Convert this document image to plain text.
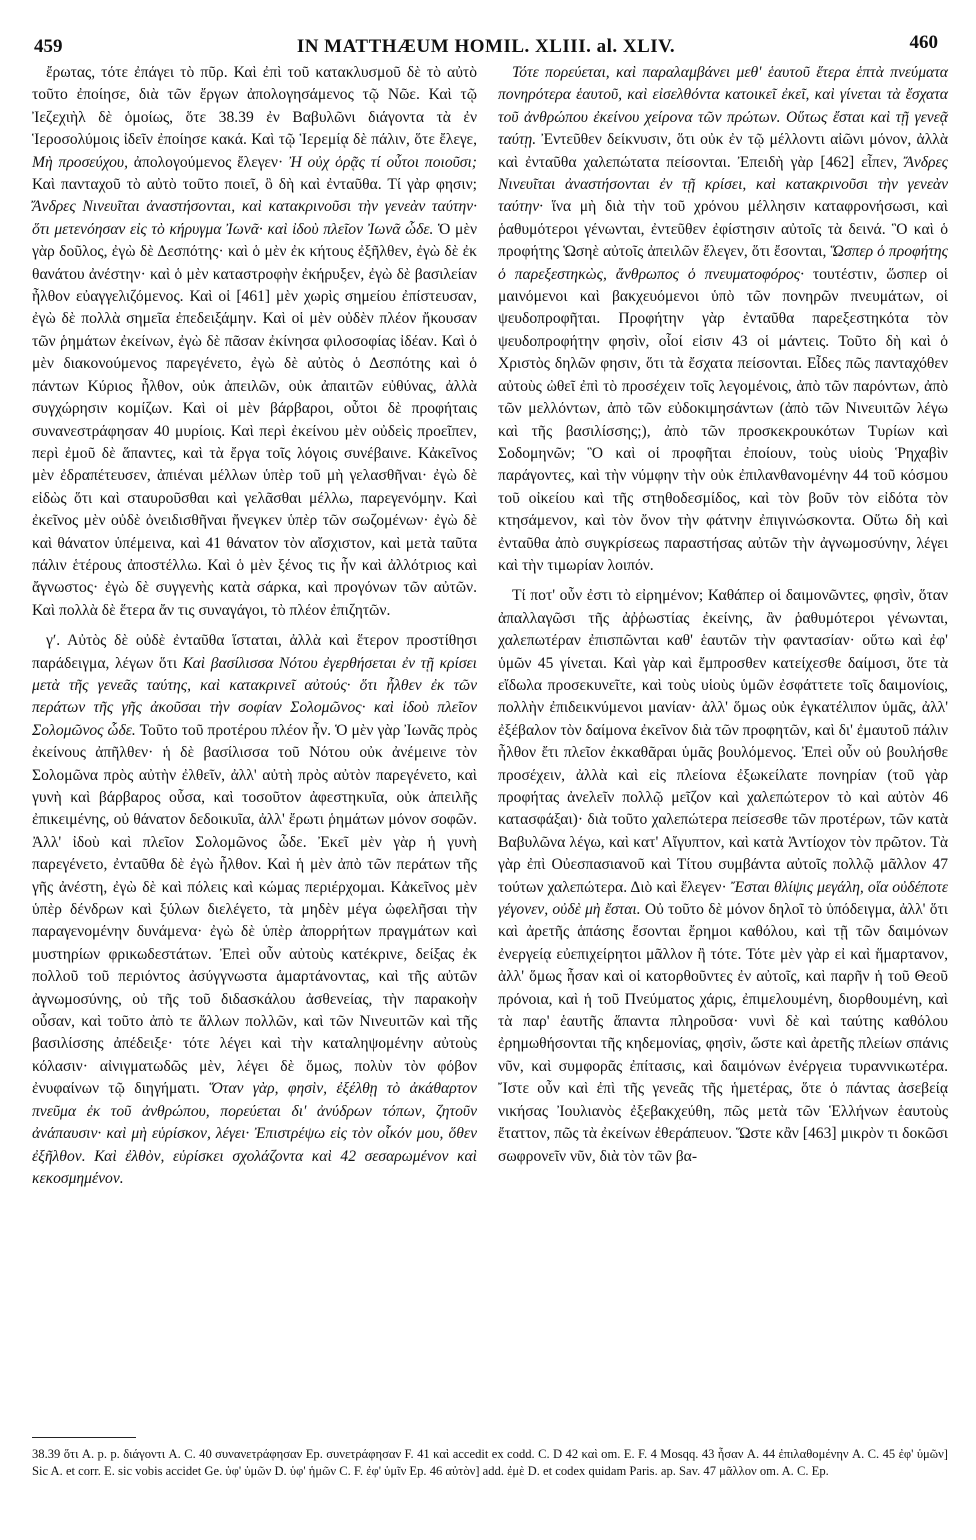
459	IN MATTHÆUM HOMIL. XLIII. al. XLIV.	460

ἔρωτας, τότε ἐπάγει τὸ πῦρ. Καὶ ἐπὶ τοῦ κατακλυσμοῦ δὲ τὸ αὐτὸ τοῦτο ἐποίησε, διὰ τῶν ἔργων ἀπολογησάμενος τῷ Νῶε. Καὶ τῷ Ἰεζεχιὴλ δὲ ὁμοίως, ὅτε 38.39 ἐν Βαβυλῶνι διάγοντα τὰ ἐν Ἱεροσολύμοις ἰδεῖν ἐποίησε κακά. Καὶ τῷ Ἱερεμίᾳ δὲ πάλιν, ὅτε ἔλεγε, Μὴ προσεύχου, ἀπολογούμενος ἔλεγεν· Ἠ οὐχ ὁρᾷς τί οὗτοι ποιοῦσι; Καὶ πανταχοῦ τὸ αὐτὸ τοῦτο ποιεῖ, ὃ δὴ καὶ ἐνταῦθα. Τί γὰρ φησιν; Ἄνδρες Νινευῖται ἀναστήσονται, καὶ κατακρινοῦσι τὴν γενεὰν ταύτην· ὅτι μετενόησαν εἰς τὸ κήρυγμα Ἰωνᾶ· καὶ ἰδοὺ πλεῖον Ἰωνᾶ ὧδε. Ὁ μὲν γὰρ δοῦλος, ἐγὼ δὲ Δεσπότης· καὶ ὁ μὲν ἐκ κήτους ἐξῆλθεν, ἐγὼ δὲ ἐκ θανάτου ἀνέστην· καὶ ὁ μὲν καταστροφὴν ἐκήρυξεν, ἐγὼ δὲ βασιλείαν ἦλθον εὐαγγελιζόμενος. Καὶ οἱ [461] μὲν χωρὶς σημείου ἐπίστευσαν, ἐγὼ δὲ πολλὰ σημεῖα ἐπεδειξάμην. Καὶ οἱ μὲν οὐδὲν πλέον ἤκουσαν τῶν ῥημάτων ἐκείνων, ἐγὼ δὲ πᾶσαν ἐκίνησα φιλοσοφίας ἰδέαν. Καὶ ὁ μὲν διακονούμενος παρεγένετο, ἐγὼ δὲ αὐτὸς ὁ Δεσπότης καὶ ὁ πάντων Κύριος ἦλθον, οὐκ ἀπειλῶν, οὐκ ἀπαιτῶν εὐθύνας, ἀλλὰ συγχώρησιν κομίζων. Καὶ οἱ μὲν βάρβαροι, οὗτοι δὲ προφήταις συνανεστράφησαν 40 μυρίοις. Καὶ περὶ ἐκείνου μὲν οὐδεὶς προεῖπεν, περὶ ἐμοῦ δὲ ἅπαντες, καὶ τὰ ἔργα τοῖς λόγοις συνέβαινε. Κἀκεῖνος μὲν ἐδραπέτευσεν, ἀπιέναι μέλλων ὑπὲρ τοῦ μὴ γελασθῆναι· ἐγὼ δὲ εἰδὼς ὅτι καὶ σταυροῦσθαι καὶ γελᾶσθαι μέλλω, παρεγενόμην. Καὶ ἐκεῖνος μὲν οὐδὲ ὀνειδισθῆναι ἤνεγκεν ὑπὲρ τῶν σωζομένων· ἐγὼ δὲ καὶ θάνατον ὑπέμεινα, καὶ 41 θάνατον τὸν αἴσχιστον, καὶ μετὰ ταῦτα πάλιν ἑτέρους ἀποστέλλω. Καὶ ὁ μὲν ξένος τις ἦν καὶ ἀλλότριος καὶ ἄγνωστος· ἐγὼ δὲ συγγενὴς κατὰ σάρκα, καὶ προγόνων τῶν αὐτῶν. Καὶ πολλὰ δὲ ἕτερα ἄν τις συναγάγοι, τὸ πλέον ἐπιζητῶν.

γʹ. Αὐτὸς δὲ οὐδὲ ἐνταῦθα ἵσταται, ἀλλὰ καὶ ἕτερον προστίθησι παράδειγμα, λέγων ὅτι Καὶ βασίλισσα Νότου ἐγερθήσεται ἐν τῇ κρίσει μετὰ τῆς γενεᾶς ταύτης, καὶ κατακρινεῖ αὐτούς· ὅτι ἦλθεν ἐκ τῶν περάτων τῆς γῆς ἀκοῦσαι τὴν σοφίαν Σολομῶνος· καὶ ἰδοὺ πλεῖον Σολομῶνος ὧδε. Τοῦτο τοῦ προτέρου πλέον ἦν. Ὁ μὲν γὰρ Ἰωνᾶς πρὸς ἐκείνους ἀπῆλθεν· ἡ δὲ βασίλισσα τοῦ Νότου οὐκ ἀνέμεινε τὸν Σολομῶνα πρὸς αὐτὴν ἐλθεῖν, ἀλλ' αὐτὴ πρὸς αὐτὸν παρεγένετο, καὶ γυνὴ καὶ βάρβαρος οὖσα, καὶ τοσοῦτον ἀφεστηκυῖα, οὐκ ἀπειλῆς ἐπικειμένης, οὐ θάνατον δεδοικυῖα, ἀλλ' ἔρωτι ῥημάτων μόνον σοφῶν. Ἀλλ' ἰδοὺ καὶ πλεῖον Σολομῶνος ὧδε. Ἐκεῖ μὲν γὰρ ἡ γυνὴ παρεγένετο, ἐνταῦθα δὲ ἐγὼ ἦλθον. Καὶ ἡ μὲν ἀπὸ τῶν περάτων τῆς γῆς ἀνέστη, ἐγὼ δὲ καὶ πόλεις καὶ κώμας περιέρχομαι. Κἀκεῖνος μὲν ὑπὲρ δένδρων καὶ ξύλων διελέγετο, τὰ μηδὲν μέγα ὠφελῆσαι τὴν παραγενομένην δυνάμενα· ἐγὼ δὲ ὑπὲρ ἀπορρήτων πραγμάτων καὶ μυστηρίων φρικωδεστάτων. Ἐπεὶ οὖν αὐτοὺς κατέκρινε, δείξας ἐκ πολλοῦ τοῦ περιόντος ἀσύγγνωστα ἁμαρτάνοντας, καὶ τῆς αὐτῶν ἀγνωμοσύνης, οὐ τῆς τοῦ διδασκάλου ἀσθενείας, τὴν παρακοὴν οὖσαν, καὶ τοῦτο ἀπὸ τε ἄλλων πολλῶν, καὶ τῶν Νινευιτῶν καὶ τῆς βασιλίσσης ἀπέδειξε· τότε λέγει καὶ τὴν καταληψομένην αὐτοὺς κόλασιν· αἰνιγματωδῶς μὲν, λέγει δὲ ὅμως, πολὺν τὸν φόβον ἐνυφαίνων τῷ διηγήματι. Ὅταν γὰρ, φησὶν, ἐξέλθῃ τὸ ἀκάθαρτον πνεῦμα ἐκ τοῦ ἀνθρώπου, πορεύεται δι' ἀνύδρων τόπων, ζητοῦν ἀνάπαυσιν· καὶ μὴ εὑρίσκον, λέγει· Ἐπιστρέψω εἰς τὸν οἶκόν μου, ὅθεν ἐξῆλθον. Καὶ ἐλθὸν, εὑρίσκει σχολάζοντα καὶ 42 σεσαρωμένον καὶ κεκοσμημένον.

Τότε πορεύεται, καὶ παραλαμβάνει μεθ' ἑαυτοῦ ἕτερα ἑπτὰ πνεύματα πονηρότερα ἑαυτοῦ, καὶ εἰσελθόντα κατοικεῖ ἐκεῖ, καὶ γίνεται τὰ ἔσχατα τοῦ ἀνθρώπου ἐκείνου χείρονα τῶν πρώτων. Οὕτως ἔσται καὶ τῇ γενεᾷ ταύτῃ. Ἐντεῦθεν δείκνυσιν, ὅτι οὐκ ἐν τῷ μέλλοντι αἰῶνι μόνον, ἀλλὰ καὶ ἐνταῦθα χαλεπώτατα πείσονται. Ἐπειδὴ γὰρ [462] εἶπεν, Ἄνδρες Νινευῖται ἀναστήσονται ἐν τῇ κρίσει, καὶ κατακρινοῦσι τὴν γενεὰν ταύτην· ἵνα μὴ διὰ τὴν τοῦ χρόνου μέλλησιν καταφρονήσωσι, καὶ ῥαθυμότεροι γένωνται, ἐντεῦθεν ἐφίστησιν αὐτοῖς τὰ δεινά. Ὃ καὶ ὁ προφήτης Ὡσηὲ αὐτοῖς ἀπειλῶν ἔλεγεν, ὅτι ἔσονται, Ὥσπερ ὁ προφήτης ὁ παρεξεστηκὼς, ἄνθρωπος ὁ πνευματοφόρος· τουτέστιν, ὥσπερ οἱ μαινόμενοι καὶ βακχευόμενοι ὑπὸ τῶν πονηρῶν πνευμάτων, οἱ ψευδοπροφῆται. Προφήτην γὰρ ἐνταῦθα παρεξεστηκότα τὸν ψευδοπροφήτην φησὶν, οἷοί εἰσιν 43 οἱ μάντεις. Τοῦτο δὴ καὶ ὁ Χριστὸς δηλῶν φησιν, ὅτι τὰ ἔσχατα πείσονται. Εἶδες πῶς πανταχόθεν αὐτοὺς ὠθεῖ ἐπὶ τὸ προσέχειν τοῖς λεγομένοις, ἀπὸ τῶν παρόντων, ἀπὸ τῶν μελλόντων, ἀπὸ τῶν εὐδοκιμησάντων (ἀπὸ τῶν Νινευιτῶν λέγω καὶ τῆς βασιλίσσης;), ἀπὸ τῶν προσκεκρουκότων Τυρίων καὶ Σοδομηνῶν; Ὃ καὶ οἱ προφῆται ἐποίουν, τοὺς υἱοὺς Ῥηχαβὶν παράγοντες, καὶ τὴν νύμφην τὴν οὐκ ἐπιλανθανομένην 44 τοῦ κόσμου τοῦ οἰκείου καὶ τῆς στηθοδεσμίδος, καὶ τὸν βοῦν τὸν εἰδότα τὸν κτησάμενον, καὶ τὸν ὄνον τὴν φάτνην ἐπιγινώσκοντα. Οὕτω δὴ καὶ ἐνταῦθα ἀπὸ συγκρίσεως παραστήσας αὐτῶν τὴν ἀγνωμοσύνην, λέγει καὶ τὴν τιμωρίαν λοιπόν.

Τί ποτ' οὖν ἐστι τὸ εἰρημένον; Καθάπερ οἱ δαιμονῶντες, φησὶν, ὅταν ἀπαλλαγῶσι τῆς ἀῤῥωστίας ἐκείνης, ἂν ῥαθυμότεροι γένωνται, χαλεπωτέραν ἐπισπῶνται καθ' ἑαυτῶν τὴν φαντασίαν· οὕτω καὶ ἐφ' ὑμῶν 45 γίνεται. Καὶ γὰρ καὶ ἔμπροσθεν κατείχεσθε δαίμοσι, ὅτε τὰ εἴδωλα προσεκυνεῖτε, καὶ τοὺς υἱοὺς ὑμῶν ἐσφάττετε τοῖς δαιμονίοις, πολλὴν ἐπιδεικνύμενοι μανίαν· ἀλλ' ὅμως οὐκ ἐγκατέλιπον ὑμᾶς, ἀλλ' ἐξέβαλον τὸν δαίμονα ἐκεῖνον διὰ τῶν προφητῶν, καὶ δι' ἐμαυτοῦ πάλιν ἦλθον ἔτι πλεῖον ἐκκαθᾶραι ὑμᾶς βουλόμενος. Ἐπεὶ οὖν οὐ βουλήσθε προσέχειν, ἀλλὰ καὶ εἰς πλείονα ἐξωκείλατε πονηρίαν (τοῦ γὰρ προφήτας ἀνελεῖν πολλῷ μεῖζον καὶ χαλεπώτερον τὸ καὶ αὐτὸν 46 κατασφάξαι)· διὰ τοῦτο χαλεπώτερα πείσεσθε τῶν προτέρων, τῶν κατὰ Βαβυλῶνα λέγω, καὶ κατ' Αἴγυπτον, καὶ κατὰ Ἀντίοχον τὸν πρῶτον. Τὰ γὰρ ἐπὶ Οὐεσπασιανοῦ καὶ Τίτου συμβάντα αὐτοῖς πολλῷ μᾶλλον 47 τούτων χαλεπώτερα. Διὸ καὶ ἔλεγεν· Ἔσται θλίψις μεγάλη, οἵα οὐδέποτε γέγονεν, οὐδὲ μὴ ἔσται. Οὐ τοῦτο δὲ μόνον δηλοῖ τὸ ὑπόδειγμα, ἀλλ' ὅτι καὶ ἀρετῆς ἁπάσης ἔσονται ἔρημοι καθόλου, καὶ τῇ τῶν δαιμόνων ἐνεργείᾳ εὐεπιχείρητοι μᾶλλον ἢ τότε. Τότε μὲν γὰρ εἰ καὶ ἥμαρτανον, ἀλλ' ὅμως ἦσαν καὶ οἱ κατορθοῦντες ἐν αὐτοῖς, καὶ παρῆν ἡ τοῦ Θεοῦ πρόνοια, καὶ ἡ τοῦ Πνεύματος χάρις, ἐπιμελουμένη, διορθουμένη, καὶ τὰ παρ' ἑαυτῆς ἅπαντα πληροῦσα· νυνὶ δὲ καὶ ταύτης καθόλου ἐρημωθήσονται τῆς κηδεμονίας, φησὶν, ὥστε καὶ ἀρετῆς πλείων σπάνις νῦν, καὶ συμφορᾶς ἐπίτασις, καὶ δαιμόνων ἐνέργεια τυραννικωτέρα. Ἴστε οὖν καὶ ἐπὶ τῆς γενεᾶς τῆς ἡμετέρας, ὅτε ὁ πάντας ἀσεβείᾳ νικήσας Ἰουλιανὸς ἐξεβακχεύθη, πῶς μετὰ τῶν Ἑλλήνων ἑαυτοὺς ἔταττον, πῶς τὰ ἐκείνων ἐθεράπευον. Ὥστε κἂν [463] μικρὸν τι δοκῶσι σωφρονεῖν νῦν, διὰ τὸν τῶν βα-

38.39 ὅτι A. p. p. διάγοντι A. C. 40 συνανετράφησαν Ep. συνετράφησαν F. 41 καὶ accedit ex codd. C. D 42 καὶ om. E. F. 4 Mosqq. 43 ἦσαν A. 44 ἐπιλαθομένην A. C. 45 ἐφ' ὑμῶν] Sic A. et corr. E. sic vobis accidet Ge. ὑφ' ὑμῶν D. ὑφ' ἡμῶν C. F. ἐφ' ὑμῖν Ep. 46 αὐτὸν] add. ἐμὲ D. et codex quidam Paris. ap. Sav. 47 μᾶλλον om. A. C. Ep.
